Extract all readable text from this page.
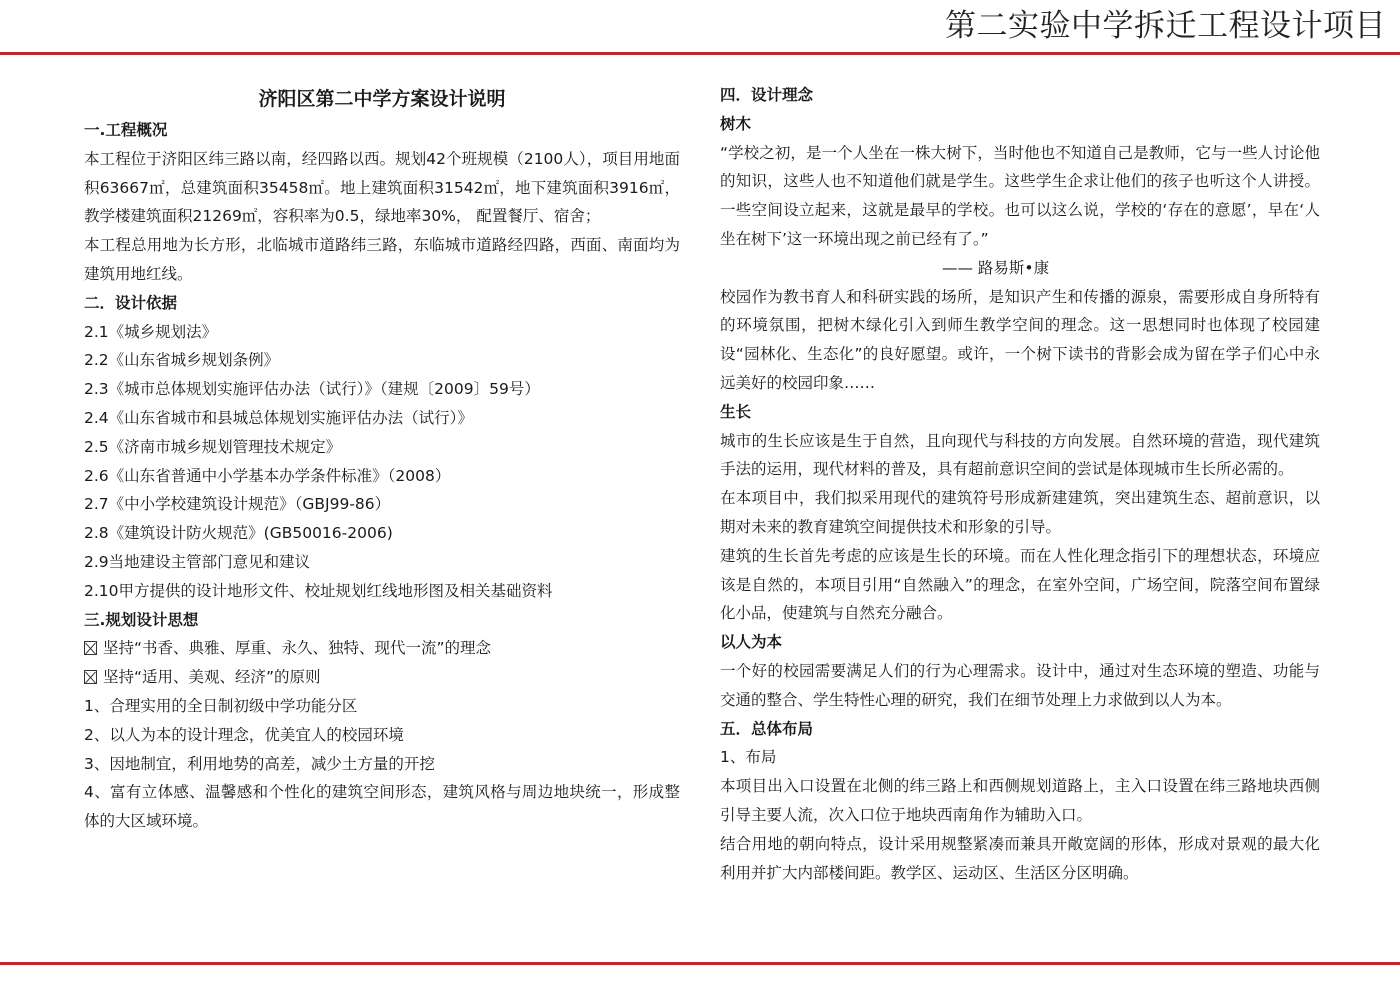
第二实验中学拆迁工程设计项目
济阳区第二中学方案设计说明
一.工程概况
本工程位于济阳区纬三路以南，经四路以西。规划42个班规模（2100人），项目用地面积63667㎡，总建筑面积35458㎡。地上建筑面积31542㎡，地下建筑面积3916㎡，教学楼建筑面积21269㎡，容积率为0.5，绿地率30%， 配置餐厅、宿舍；
本工程总用地为长方形，北临城市道路纬三路，东临城市道路经四路，西面、南面均为建筑用地红线。
二．设计依据
2.1《城乡规划法》
2.2《山东省城乡规划条例》
2.3《城市总体规划实施评估办法（试行）》（建规〔2009〕59号）
2.4《山东省城市和县城总体规划实施评估办法（试行）》
2.5《济南市城乡规划管理技术规定》
2.6《山东省普通中小学基本办学条件标准》（2008）
2.7《中小学校建筑设计规范》（GBJ99-86）
2.8《建筑设计防火规范》(GB50016-2006)
2.9当地建设主管部门意见和建议
2.10甲方提供的设计地形文件、校址规划红线地形图及相关基础资料
三.规划设计思想
坚持“书香、典雅、厚重、永久、独特、现代一流”的理念
坚持“适用、美观、经济”的原则
1、合理实用的全日制初级中学功能分区
2、以人为本的设计理念，优美宜人的校园环境
3、因地制宜，利用地势的高差，减少土方量的开挖
4、富有立体感、温馨感和个性化的建筑空间形态，建筑风格与周边地块统一，形成整体的大区域环境。
四．设计理念
树木
“学校之初，是一个人坐在一株大树下，当时他也不知道自己是教师，它与一些人讨论他的知识，这些人也不知道他们就是学生。这些学生企求让他们的孩子也听这个人讲授。一些空间设立起来，这就是最早的学校。也可以这么说，学校的‘存在的意愿’，早在‘人坐在树下’这一环境出现之前已经有了。”
—— 路易斯•康
校园作为教书育人和科研实践的场所，是知识产生和传播的源泉，需要形成自身所特有的环境氛围，把树木绿化引入到师生教学空间的理念。这一思想同时也体现了校园建设“园林化、生态化”的良好愿望。或许，一个树下读书的背影会成为留在学子们心中永远美好的校园印象……
生长
城市的生长应该是生于自然，且向现代与科技的方向发展。自然环境的营造，现代建筑手法的运用，现代材料的普及，具有超前意识空间的尝试是体现城市生长所必需的。
在本项目中，我们拟采用现代的建筑符号形成新建建筑，突出建筑生态、超前意识，以期对未来的教育建筑空间提供技术和形象的引导。
建筑的生长首先考虑的应该是生长的环境。而在人性化理念指引下的理想状态，环境应该是自然的，本项目引用“自然融入”的理念，在室外空间，广场空间，院落空间布置绿化小品，使建筑与自然充分融合。
以人为本
一个好的校园需要满足人们的行为心理需求。设计中，通过对生态环境的塑造、功能与交通的整合、学生特性心理的研究，我们在细节处理上力求做到以人为本。
五．总体布局
1、布局
本项目出入口设置在北侧的纬三路上和西侧规划道路上，主入口设置在纬三路地块西侧引导主要人流，次入口位于地块西南角作为辅助入口。
结合用地的朝向特点，设计采用规整紧凑而兼具开敞宽阔的形体，形成对景观的最大化利用并扩大内部楼间距。教学区、运动区、生活区分区明确。
